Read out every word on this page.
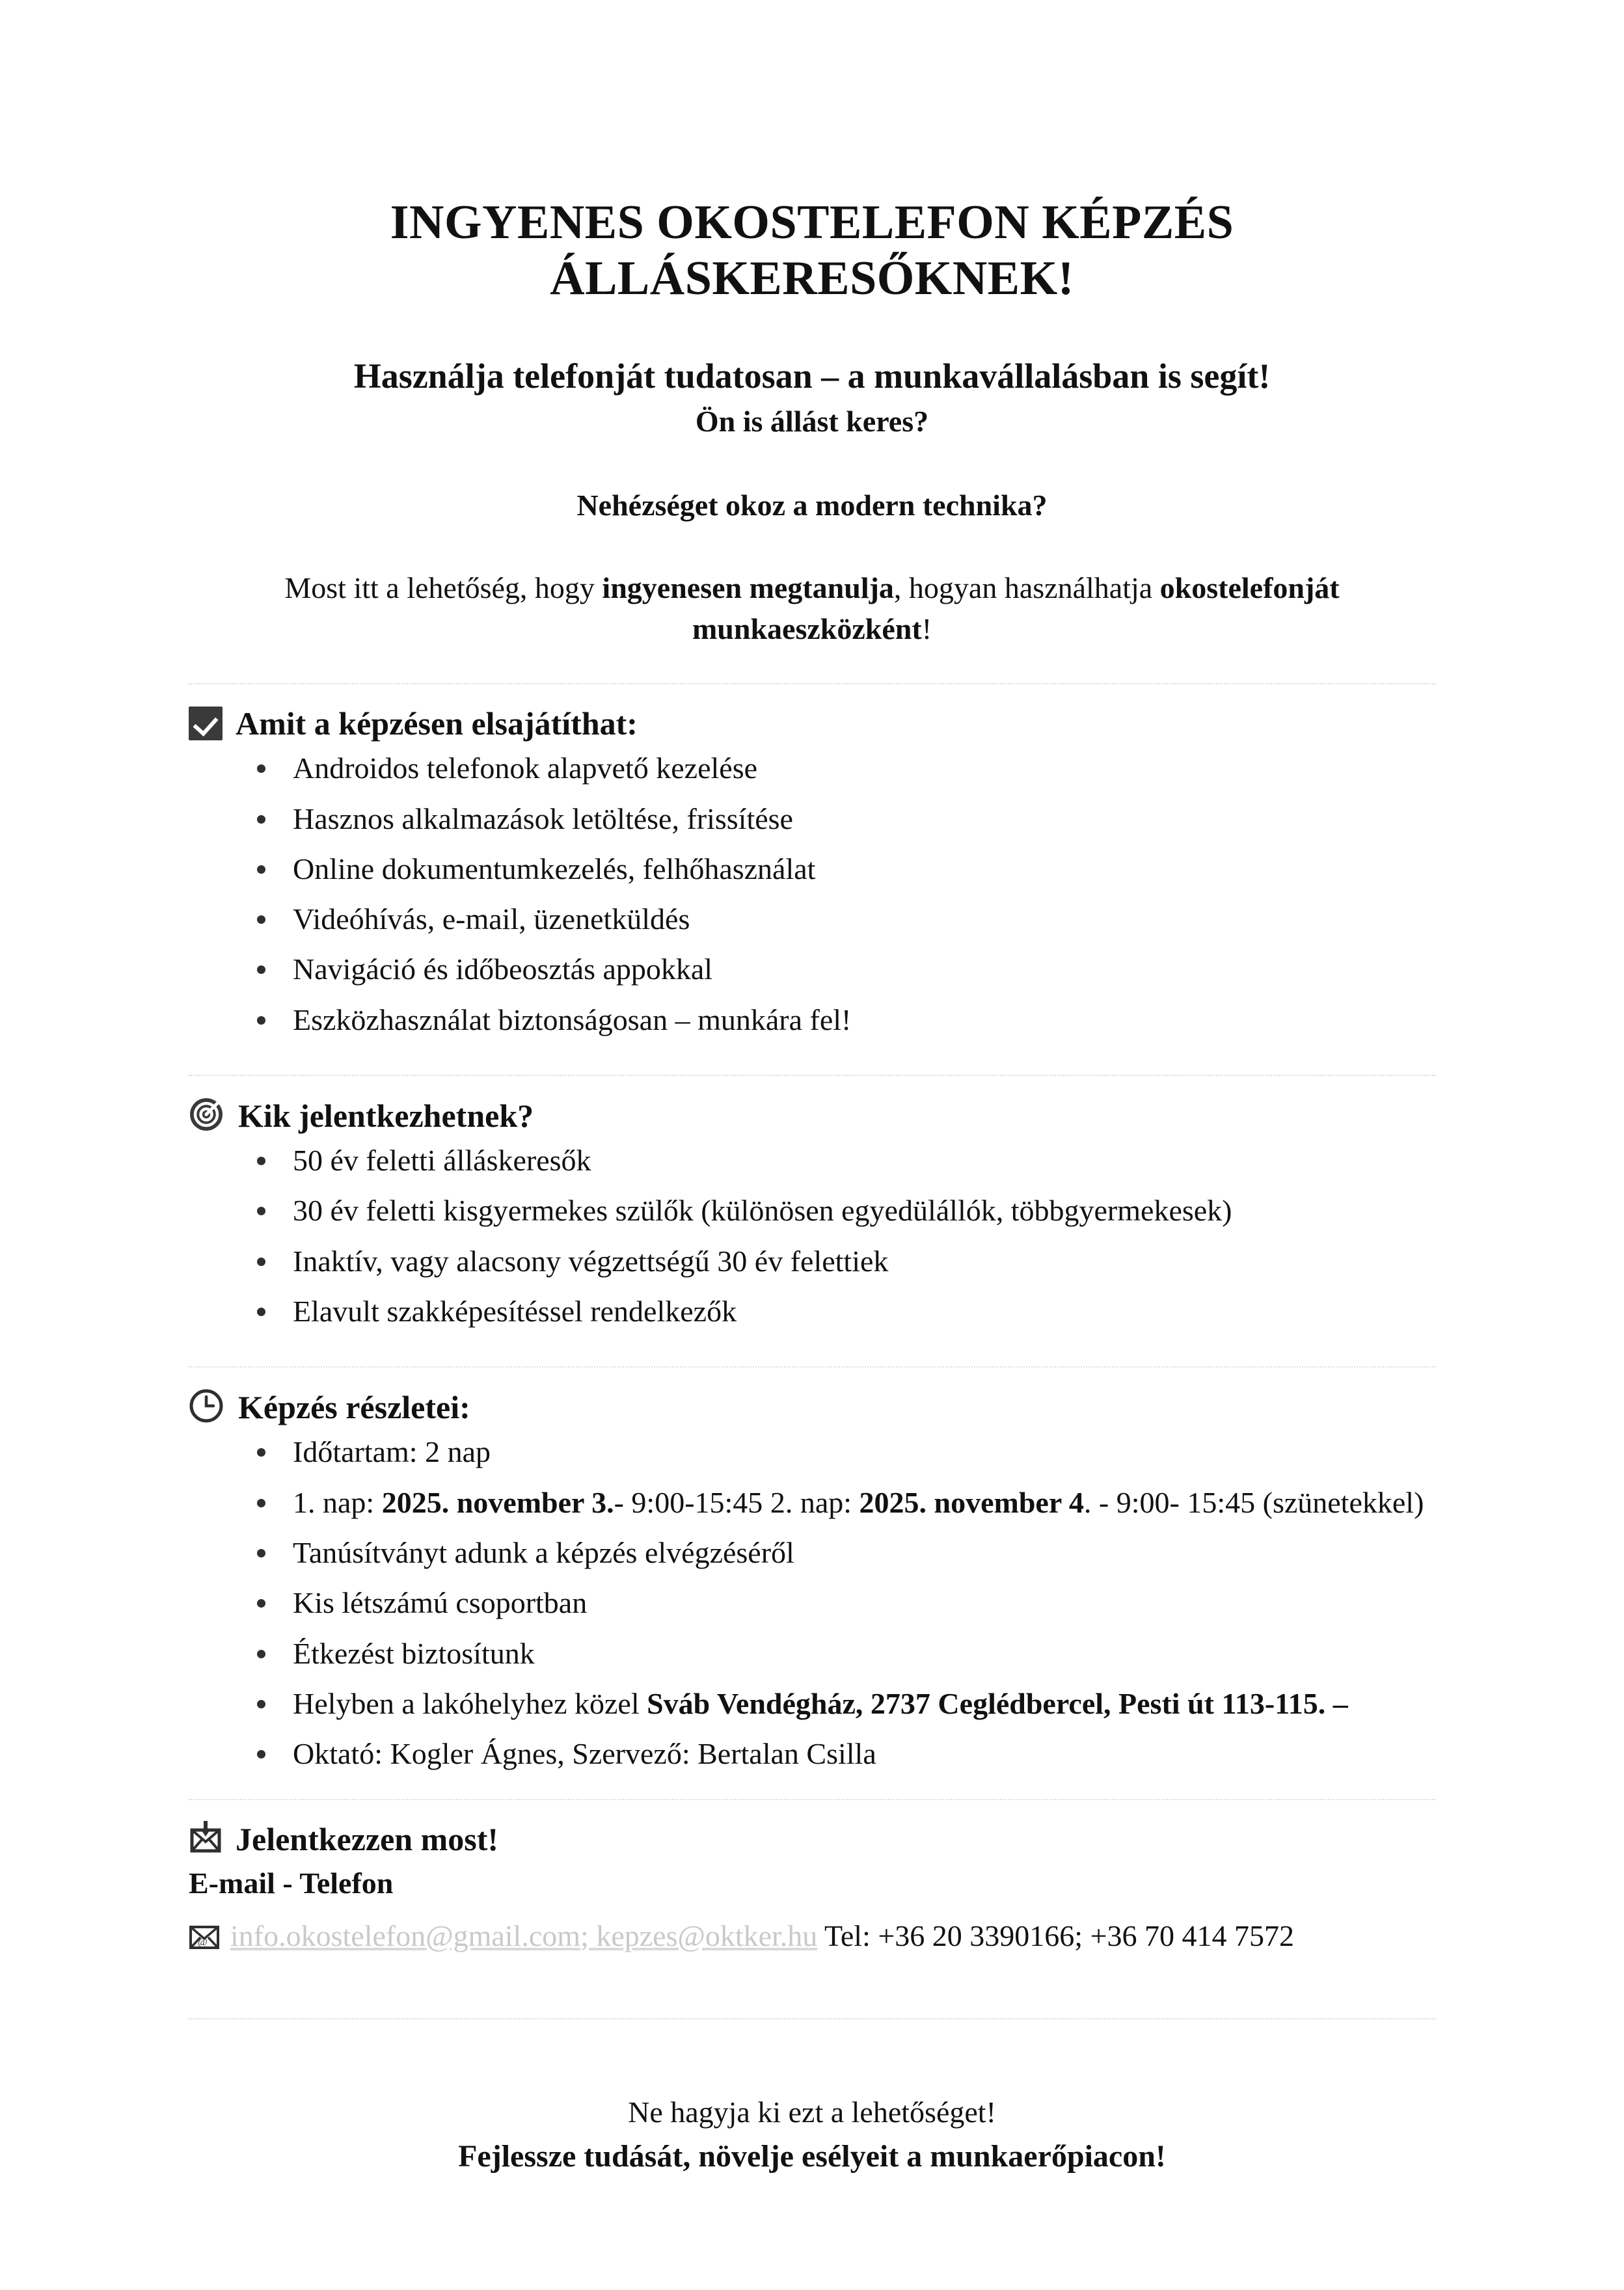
INGYENES OKOSTELEFON KÉPZÉS
ÁLLÁSKERESŐKNEK!
Használja telefonját tudatosan – a munkavállalásban is segít!
Ön is állást keres?
Nehézséget okoz a modern technika?
Most itt a lehetőség, hogy ingyenesen megtanulja, hogyan használhatja okostelefonját munkaeszközként!
Amit a képzésen elsajátíthat:
Androidos telefonok alapvető kezelése
Hasznos alkalmazások letöltése, frissítése
Online dokumentumkezelés, felhőhasználat
Videóhívás, e-mail, üzenetküldés
Navigáció és időbeosztás appokkal
Eszközhasználat biztonságosan – munkára fel!
Kik jelentkezhetnek?
50 év feletti álláskeresők
30 év feletti kisgyermekes szülők (különösen egyedülállók, többgyermekesek)
Inaktív, vagy alacsony végzettségű 30 év felettiek
Elavult szakképesítéssel rendelkezők
Képzés részletei:
Időtartam: 2 nap
1. nap: 2025. november 3.- 9:00-15:45 2. nap: 2025. november 4. - 9:00- 15:45 (szünetekkel)
Tanúsítványt adunk a képzés elvégzéséről
Kis létszámú csoportban
Étkezést biztosítunk
Helyben a lakóhelyhez közel Sváb Vendégház, 2737 Ceglédbercel, Pesti út 113-115. –
Oktató: Kogler Ágnes, Szervező: Bertalan Csilla
Jelentkezzen most!
E-mail - Telefon
@ info.okostelefon@gmail.com; kepzes@oktker.hu Tel: +36 20 3390166; +36 70 414 7572
Ne hagyja ki ezt a lehetőséget!
Fejlessze tudását, növelje esélyeit a munkaerőpiacon!
